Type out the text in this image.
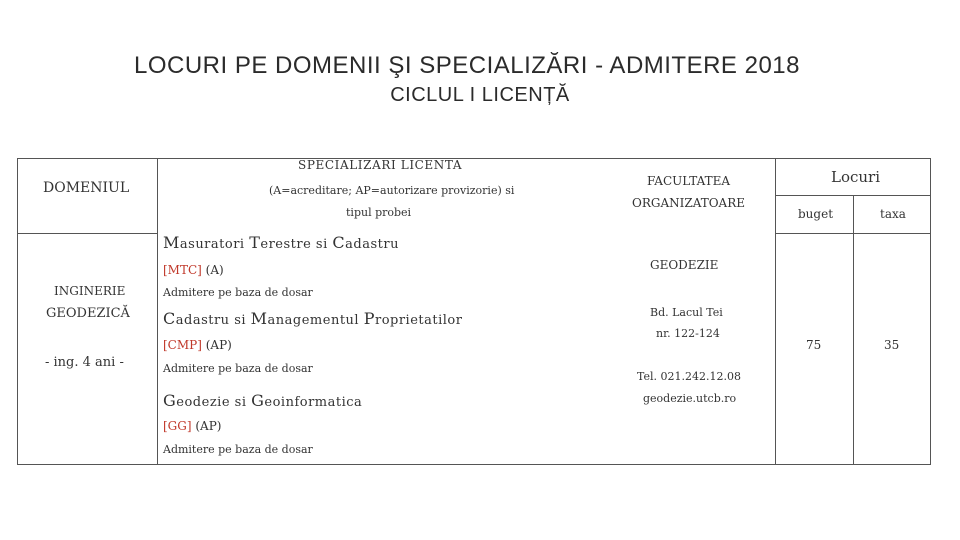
LOCURI PE DOMENII ŞI SPECIALIZĂRI - ADMITERE 2018
CICLUL I LICENȚĂ
DOMENIUL
SPECIALIZARI LICENTA
(A=acreditare; AP=autorizare provizorie) si
tipul probei
FACULTATEA
ORGANIZATOARE
Locuri
buget	taxa
INGINERIE
GEODEZICĂ
- ing. 4 ani -
Masuratori Terestre si Cadastru
[MTC] (A)
Admitere pe baza de dosar
Cadastru si Managementul Proprietatilor
[CMP] (AP)
Admitere pe baza de dosar
Geodezie si Geoinformatica
[GG] (AP)
Admitere pe baza de dosar
GEODEZIE
Bd. Lacul Tei
nr. 122-124
Tel. 021.242.12.08
geodezie.utcb.ro
75	35
